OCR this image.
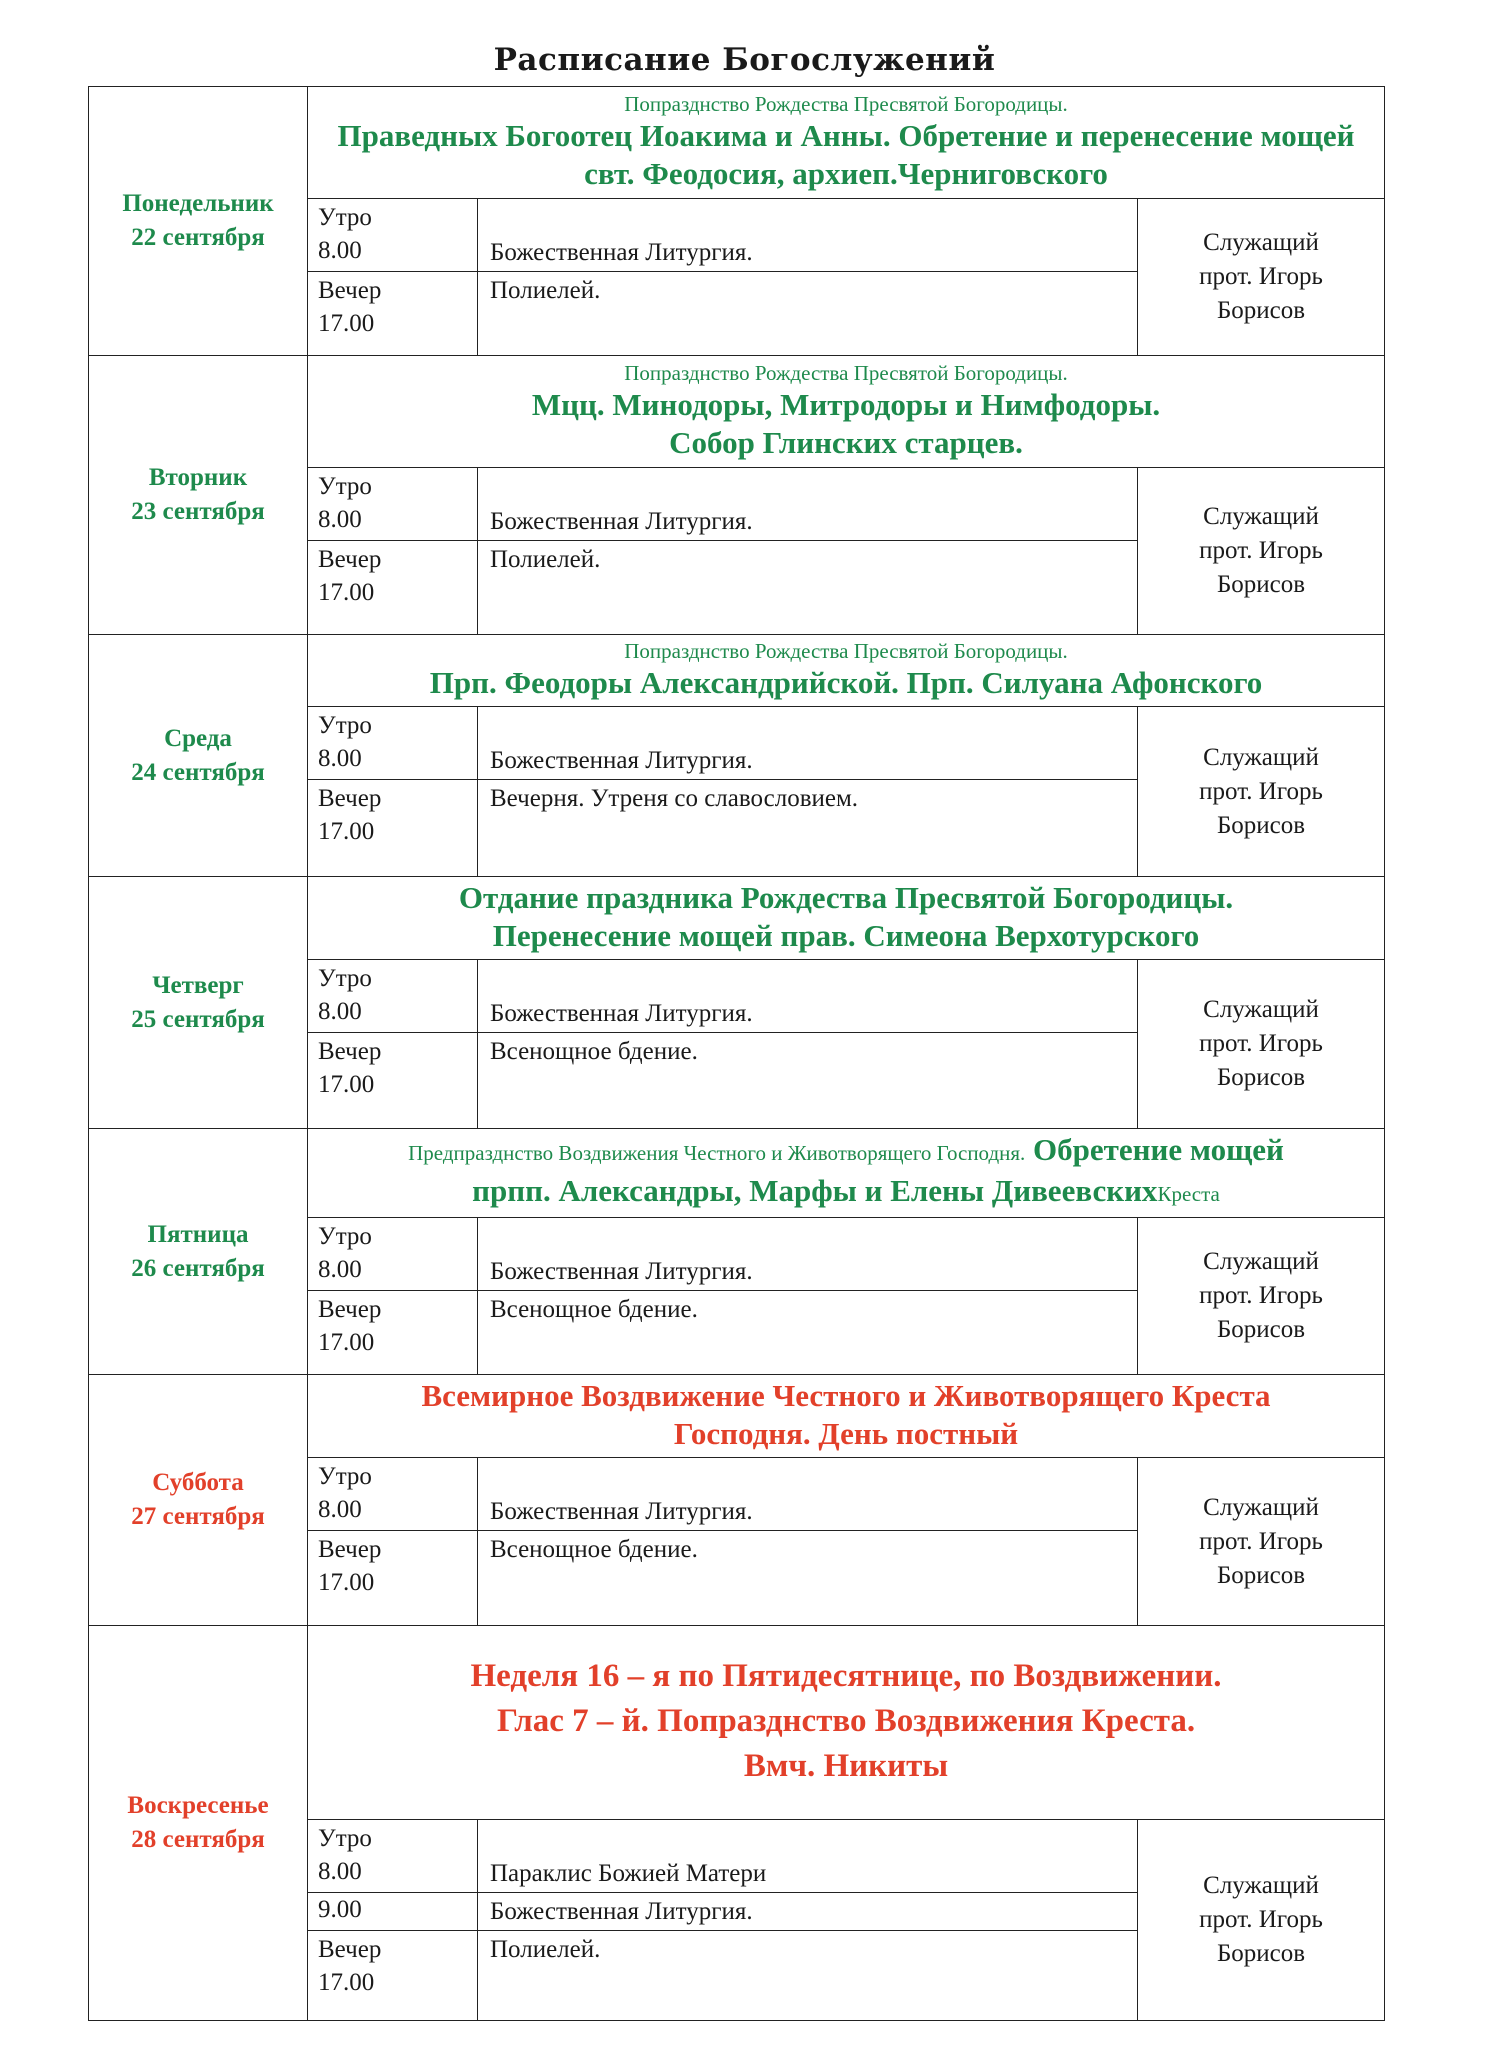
Расписание Богослужений
Понедельник
22 сентября	Попразднство Рождества Пресвятой Богородицы.
Праведных Богоотец Иоакима и Анны. Обретение и перенесение мощей свт. Феодосия, архиеп.Черниговского		
	Утро
8.00	Божественная Литургия.	Служащий
прот. Игорь
Борисов
	Вечер
17.00	Полиелей.	
Вторник
23 сентября	Попразднство Рождества Пресвятой Богородицы.
Мцц. Минодоры, Митродоры и Нимфодоры.
Собор Глинских старцев.		
	Утро
8.00	Божественная Литургия.	Служащий
прот. Игорь
Борисов
	Вечер
17.00	Полиелей.	
Среда
24 сентября	Попразднство Рождества Пресвятой Богородицы.
Прп. Феодоры Александрийской. Прп. Силуана Афонского		
	Утро
8.00	Божественная Литургия.	Служащий
прот. Игорь
Борисов
	Вечер
17.00	Вечерня. Утреня со славословием.	
Четверг
25 сентября	Отдание праздника Рождества Пресвятой Богородицы.
Перенесение мощей прав. Симеона Верхотурского		
	Утро
8.00	Божественная Литургия.	Служащий
прот. Игорь
Борисов
	Вечер
17.00	Всенощное бдение.	
Пятница
26 сентября	Предпразднство Воздвижения Честного и Животворящего Господня. Обретение мощей
прпп. Александры, Марфы и Елены ДивеевскихКреста		
	Утро
8.00	Божественная Литургия.	Служащий
прот. Игорь
Борисов
	Вечер
17.00	Всенощное бдение.	
Суббота
27 сентября	Всемирное Воздвижение Честного и Животворящего Креста
Господня. День постный		
	Утро
8.00	Божественная Литургия.	Служащий
прот. Игорь
Борисов
	Вечер
17.00	Всенощное бдение.	
Воскресенье
28 сентября	Неделя 16 – я по Пятидесятнице, по Воздвижении.
Глас 7 – й. Попразднство Воздвижения Креста.
Вмч. Никиты		
	Утро
8.00	Параклис Божией Матери	Служащий
прот. Игорь
Борисов
	9.00	Божественная Литургия.	
	Вечер
17.00	Полиелей.	
